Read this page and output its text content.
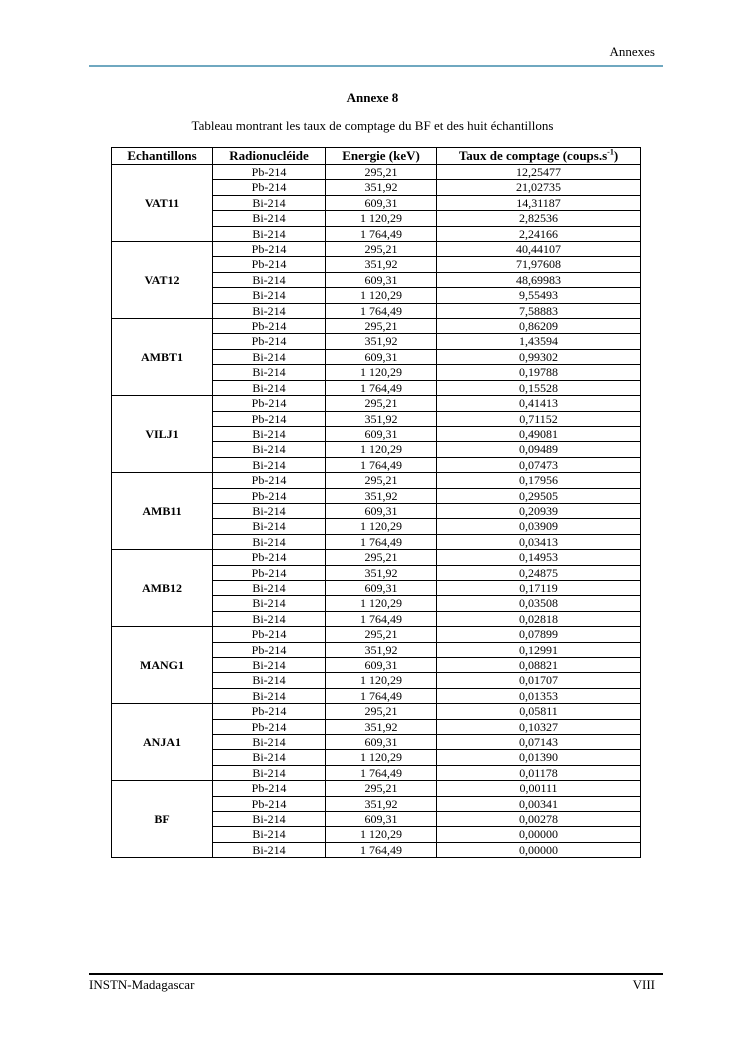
Annexes
Annexe 8
Tableau montrant les taux de comptage du BF et des huit échantillons
Echantillons	Radionucléide	Energie (keV)	Taux de comptage $(coups.s^{-1})$
VAT11	Pb-214	295,21	12,25477
	Pb-214	351,92	21,02735
	Bi-214	609,31	14,31187
	Bi-214	1 120,29	2,82536
	Bi-214	1 764,49	2,24166
VAT12	Pb-214	295,21	40,44107
	Pb-214	351,92	71,97608
	Bi-214	609,31	48,69983
	Bi-214	1 120,29	9,55493
	Bi-214	1 764,49	7,58883
AMBT1	Pb-214	295,21	0,86209
	Pb-214	351,92	1,43594
	Bi-214	609,31	0,99302
	Bi-214	1 120,29	0,19788
	Bi-214	1 764,49	0,15528
VILJ1	Pb-214	295,21	0,41413
	Pb-214	351,92	0,71152
	Bi-214	609,31	0,49081
	Bi-214	1 120,29	0,09489
	Bi-214	1 764,49	0,07473
AMB11	Pb-214	295,21	0,17956
	Pb-214	351,92	0,29505
	Bi-214	609,31	0,20939
	Bi-214	1 120,29	0,03909
	Bi-214	1 764,49	0,03413
AMB12	Pb-214	295,21	0,14953
	Pb-214	351,92	0,24875
	Bi-214	609,31	0,17119
	Bi-214	1 120,29	0,03508
	Bi-214	1 764,49	0,02818
MANG1	Pb-214	295,21	0,07899
	Pb-214	351,92	0,12991
	Bi-214	609,31	0,08821
	Bi-214	1 120,29	0,01707
	Bi-214	1 764,49	0,01353
ANJA1	Pb-214	295,21	0,05811
	Pb-214	351,92	0,10327
	Bi-214	609,31	0,07143
	Bi-214	1 120,29	0,01390
	Bi-214	1 764,49	0,01178
BF	Pb-214	295,21	0,00111
	Pb-214	351,92	0,00341
	Bi-214	609,31	0,00278
	Bi-214	1 120,29	0,00000
	Bi-214	1 764,49	0,00000
INSTN-Madagascar	VIII
